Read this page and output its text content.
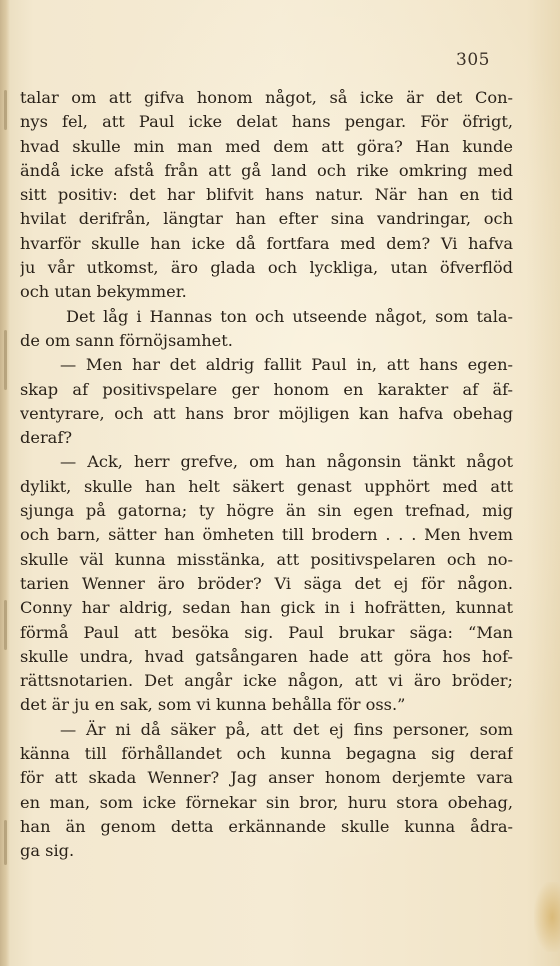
305
talar om att gifva honom något, så icke är det Con-
nys fel, att Paul icke delat hans pengar. För öfrigt,
hvad skulle min man med dem att göra? Han kunde
ändå icke afstå från att gå land och rike omkring med
sitt positiv: det har blifvit hans natur. När han en tid
hvilat derifrån, längtar han efter sina vandringar, och
hvarför skulle han icke då fortfara med dem? Vi hafva
ju vår utkomst, äro glada och lyckliga, utan öfverflöd
och utan bekymmer.
Det låg i Hannas ton och utseende något, som tala-
de om sann förnöjsamhet.
— Men har det aldrig fallit Paul in, att hans egen-
skap af positivspelare ger honom en karakter af äf-
ventyrare, och att hans bror möjligen kan hafva obehag
deraf?
— Ack, herr grefve, om han någonsin tänkt något
dylikt, skulle han helt säkert genast upphört med att
sjunga på gatorna; ty högre än sin egen trefnad, mig
och barn, sätter han ömheten till brodern . . . Men hvem
skulle väl kunna misstänka, att positivspelaren och no-
tarien Wenner äro bröder? Vi säga det ej för någon.
Conny har aldrig, sedan han gick in i hofrätten, kunnat
förmå Paul att besöka sig. Paul brukar säga: “Man
skulle undra, hvad gatsångaren hade att göra hos hof-
rättsnotarien. Det angår icke någon, att vi äro bröder;
det är ju en sak, som vi kunna behålla för oss.”
— Är ni då säker på, att det ej fins personer, som
känna till förhållandet och kunna begagna sig deraf
för att skada Wenner? Jag anser honom derjemte vara
en man, som icke förnekar sin bror, huru stora obehag,
han än genom detta erkännande skulle kunna ådra-
ga sig.
